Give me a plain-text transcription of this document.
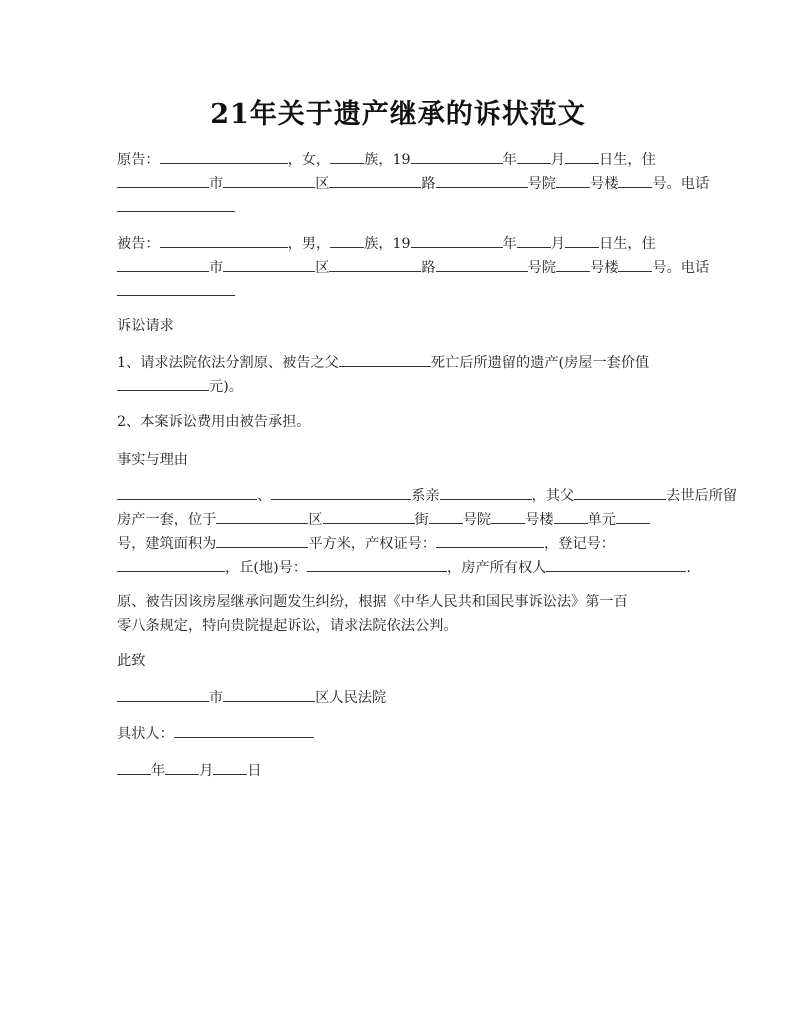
21年关于遗产继承的诉状范文
原告：	，女， 族，19	年 月 日生，住
市	区	路	号院 号楼 号。电话
被告：	，男， 族，19	年 月 日生，住
市	区	路	号院 号楼 号。电话
诉讼请求
1、请求法院依法分割原、被告之父	死亡后所遗留的遗产(房屋一套价值
元)。
2、本案诉讼费用由被告承担。
事实与理由
、	系亲	，其父	去世后所留
房产一套，位于	区	街 号院 号楼 单元
号，建筑面积为	平方米，产权证号：	，登记号：
，丘(地)号：	，房产所有权人	.
原、被告因该房屋继承问题发生纠纷，根据《中华人民共和国民事诉讼法》第一百
零八条规定，特向贵院提起诉讼，请求法院依法公判。
此致
市	区人民法院
具状人：
年 月 日
